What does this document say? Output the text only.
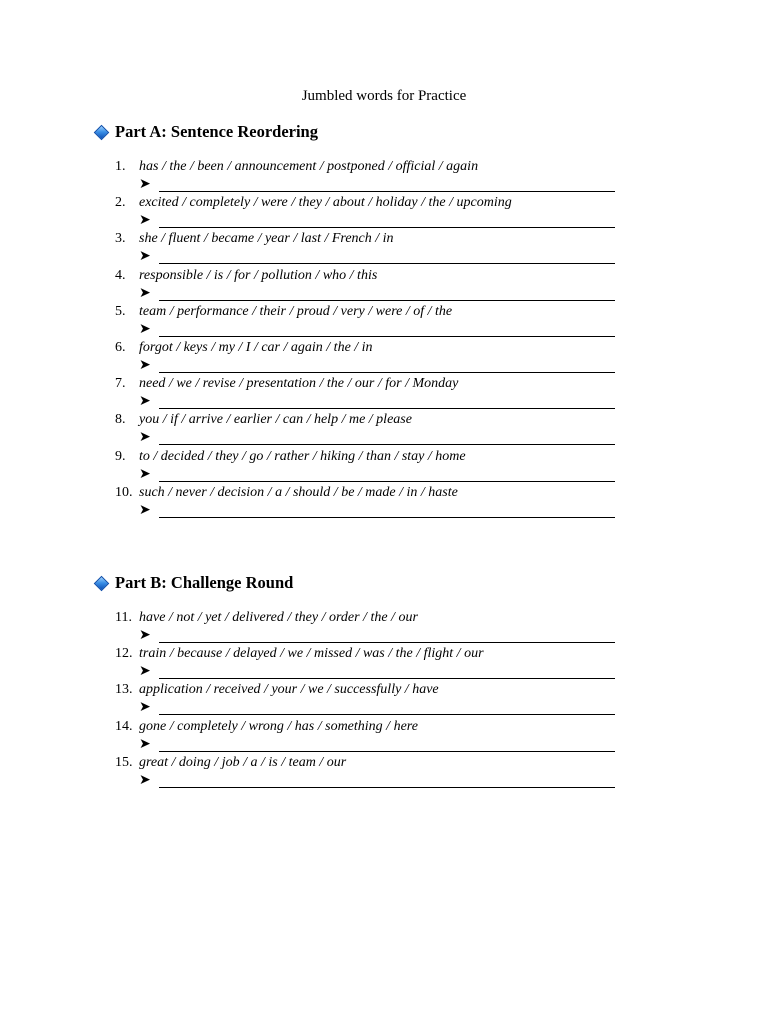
Jumbled words for Practice
Part A: Sentence Reordering
1. has / the / been / announcement / postponed / official / again
➤
2. excited / completely / were / they / about / holiday / the / upcoming
➤
3. she / fluent / became / year / last / French / in
➤
4. responsible / is / for / pollution / who / this
➤
5. team / performance / their / proud / very / were / of / the
➤
6. forgot / keys / my / I / car / again / the / in
➤
7. need / we / revise / presentation / the / our / for / Monday
➤
8. you / if / arrive / earlier / can / help / me / please
➤
9. to / decided / they / go / rather / hiking / than / stay / home
➤
10. such / never / decision / a / should / be / made / in / haste
➤
Part B: Challenge Round
11. have / not / yet / delivered / they / order / the / our
➤
12. train / because / delayed / we / missed / was / the / flight / our
➤
13. application / received / your / we / successfully / have
➤
14. gone / completely / wrong / has / something / here
➤
15. great / doing / job / a / is / team / our
➤
